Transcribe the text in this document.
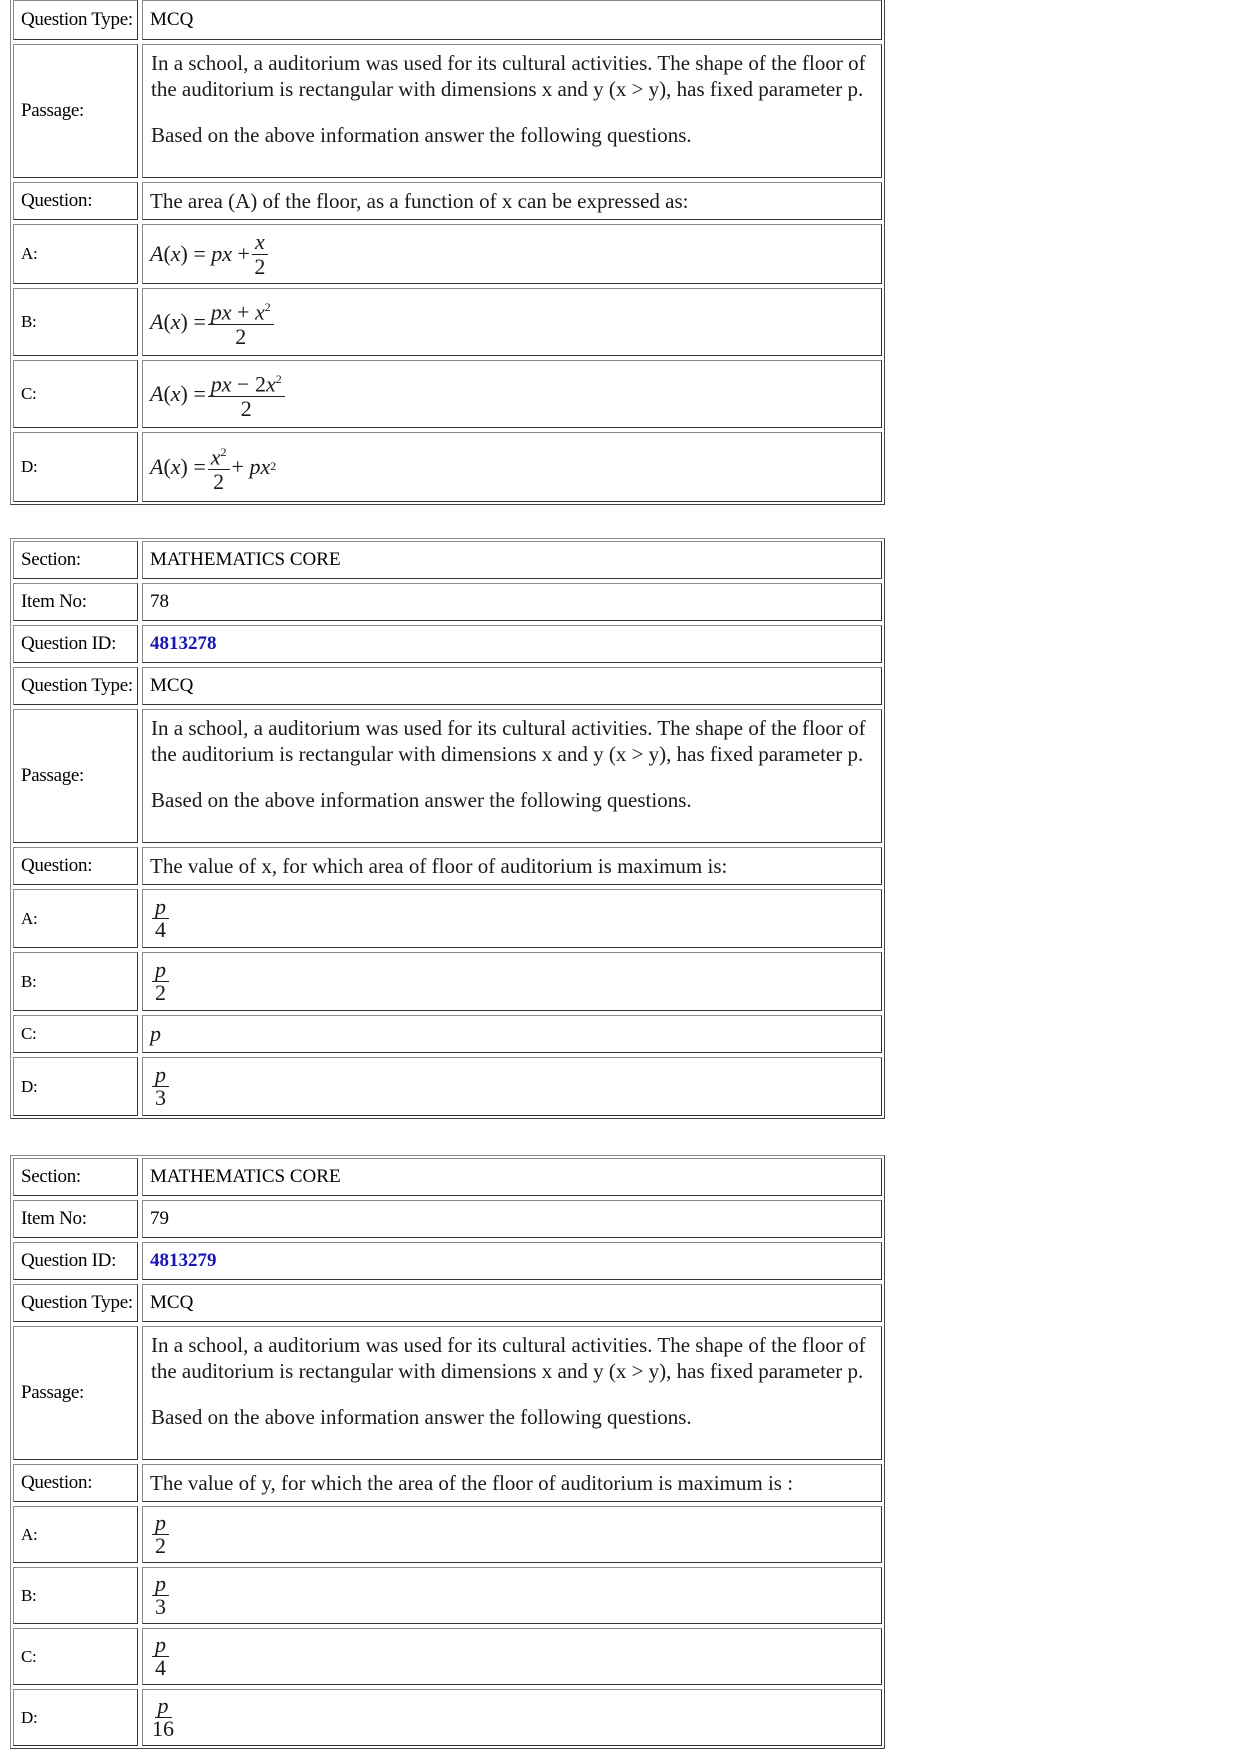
Question Type: MCQ
Passage:

In a school, a auditorium was used for its cultural activities. The shape of the floor of the auditorium is rectangular with dimensions x and y (x > y), has fixed parameter p.

Based on the above information answer the following questions.

Question:	The area (A) of the floor, as a function of x can be expressed as:
A:	A ( x ) = px + $\frac{x}{2}$
B:	A ( x ) = $\frac{px + x^2}{2}$
C:	A ( x ) = $\frac{px - 2x^2}{2}$
D:	A ( x ) = $\frac{x^2}{2}$ + px 2
Section:	MATHEMATICS CORE
Item No:	78
Question ID:	4813278
Question Type: MCQ
Passage:

In a school, a auditorium was used for its cultural activities. The shape of the floor of the auditorium is rectangular with dimensions x and y (x > y), has fixed parameter p.

Based on the above information answer the following questions.

Question:	The value of x, for which area of floor of auditorium is maximum is:
A:	$\frac{p}{4}$
B:	$\frac{p}{2}$
C:	p
D:	$\frac{p}{3}$
Section:	MATHEMATICS CORE
Item No:	79
Question ID:	4813279
Question Type: MCQ
Passage:

In a school, a auditorium was used for its cultural activities. The shape of the floor of the auditorium is rectangular with dimensions x and y (x > y), has fixed parameter p.

Based on the above information answer the following questions.

Question:	The value of y, for which the area of the floor of auditorium is maximum is :
A:	$\frac{p}{2}$
B:	$\frac{p}{3}$
C:	$\frac{p}{4}$
D:	$\frac{p}{16}$
